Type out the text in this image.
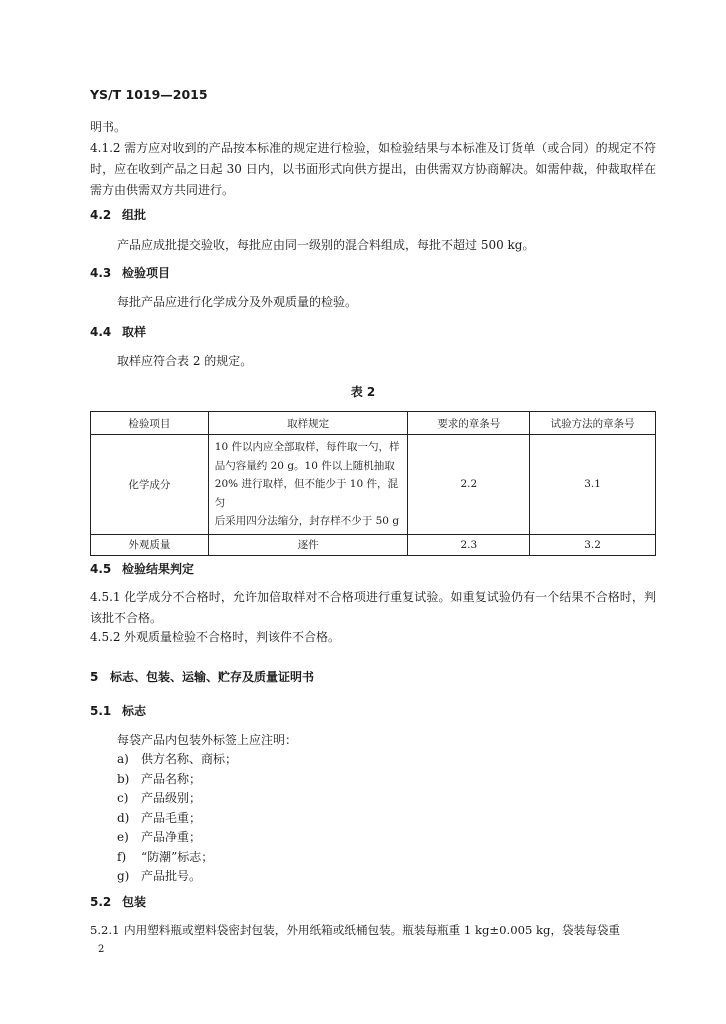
YS/T 1019—2015
明书。
4.1.2 需方应对收到的产品按本标准的规定进行检验，如检验结果与本标准及订货单（或合同）的规定不符时，应在收到产品之日起 30 日内，以书面形式向供方提出，由供需双方协商解决。如需仲裁，仲裁取样在需方由供需双方共同进行。
4.2 组批
产品应成批提交验收，每批应由同一级别的混合料组成，每批不超过 500 kg。
4.3 检验项目
每批产品应进行化学成分及外观质量的检验。
4.4 取样
取样应符合表 2 的规定。
表 2
检验项目	取样规定	要求的章条号	试验方法的章条号
化学成分	10 件以内应全部取样，每件取一勺，样
品勺容量约 20 g。10 件以上随机抽取
20% 进行取样，但不能少于 10 件，混匀
后采用四分法缩分，封存样不少于 50 g	2.2	3.1
外观质量	逐件	2.3	3.2
4.5 检验结果判定
4.5.1 化学成分不合格时，允许加倍取样对不合格项进行重复试验。如重复试验仍有一个结果不合格时，判该批不合格。
4.5.2 外观质量检验不合格时，判该件不合格。
5 标志、包装、运输、贮存及质量证明书
5.1 标志
每袋产品内包装外标签上应注明：
a) 供方名称、商标；
b) 产品名称；
c) 产品级别；
d) 产品毛重；
e) 产品净重；
f) “防潮”标志；
g) 产品批号。
5.2 包装
5.2.1 内用塑料瓶或塑料袋密封包装，外用纸箱或纸桶包装。瓶装每瓶重 1 kg±0.005 kg，袋装每袋重
2
